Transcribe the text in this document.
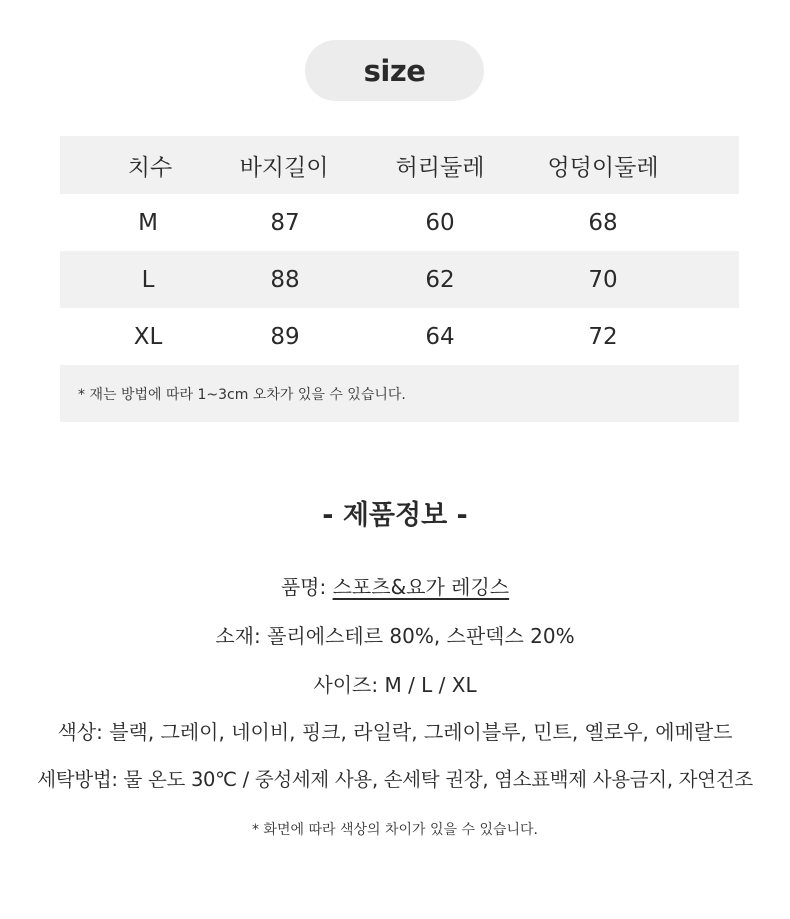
size
치수	바지길이	허리둘레	엉덩이둘레
M	87	60	68
L	88	62	70
XL	89	64	72
* 재는 방법에 따라 1~3cm 오차가 있을 수 있습니다.
- 제품정보 -
품명: 스포츠&요가 레깅스
소재: 폴리에스테르 80%, 스판덱스 20%
사이즈: M / L / XL
색상: 블랙, 그레이, 네이비, 핑크, 라일락, 그레이블루, 민트, 옐로우, 에메랄드
세탁방법: 물 온도 30℃ / 중성세제 사용, 손세탁 권장, 염소표백제 사용금지, 자연건조
* 화면에 따라 색상의 차이가 있을 수 있습니다.
